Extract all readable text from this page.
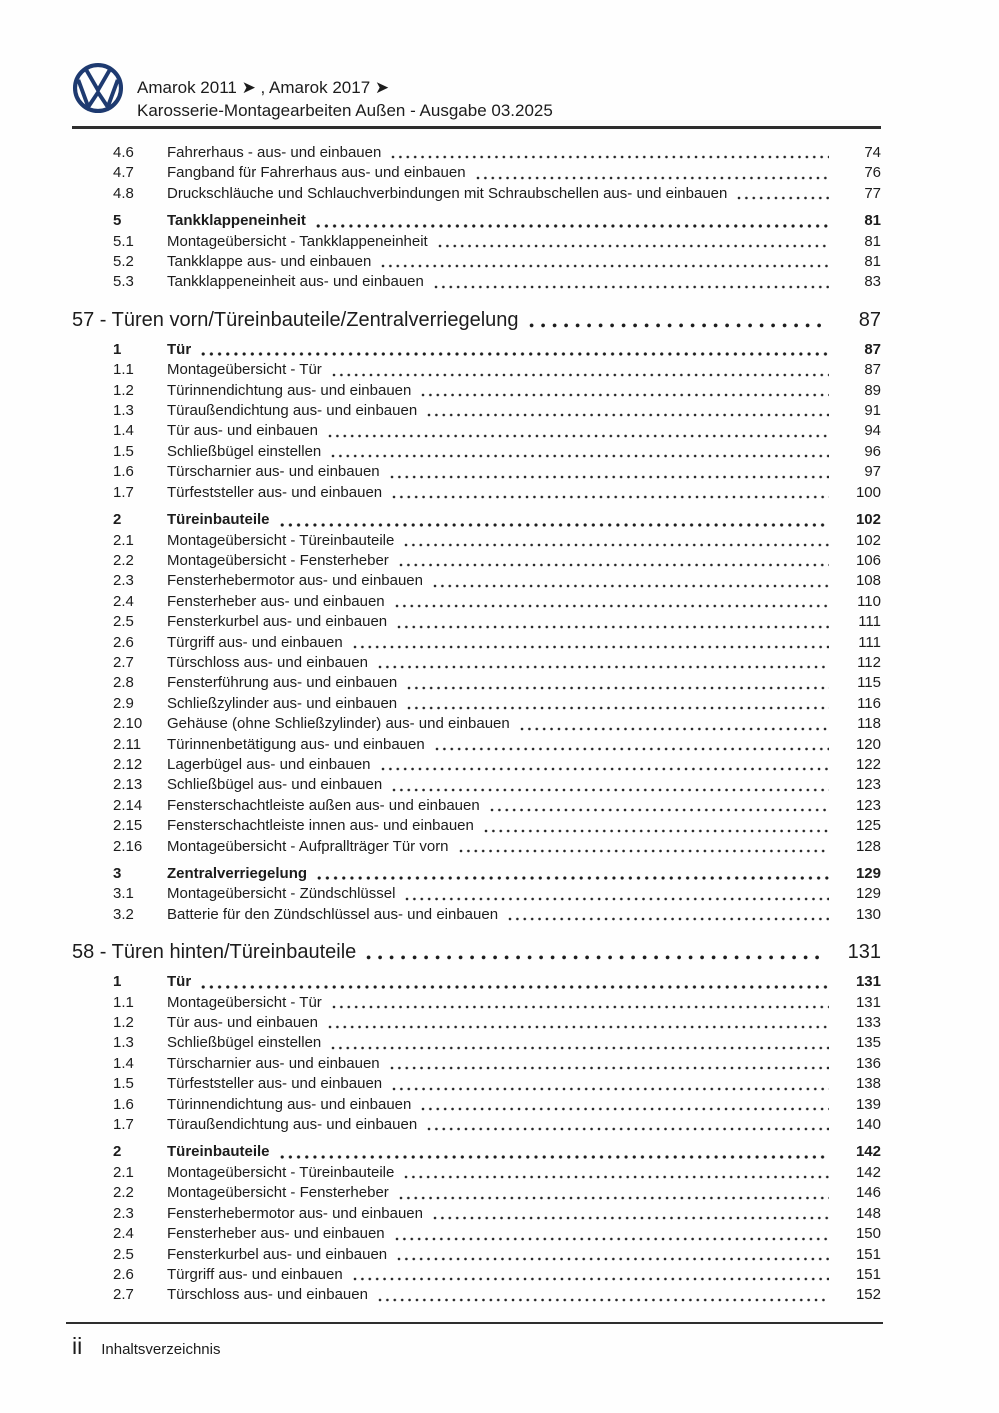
Amarok 2011 ➤ , Amarok 2017 ➤
Karosserie-Montagearbeiten Außen - Ausgabe 03.2025
4.6	Fahrerhaus - aus- und einbauen	74
4.7	Fangband für Fahrerhaus aus- und einbauen	76
4.8	Druckschläuche und Schlauchverbindungen mit Schraubschellen aus- und einbauen	77
5	Tankklappeneinheit	81
5.1	Montageübersicht - Tankklappeneinheit	81
5.2	Tankklappe aus- und einbauen	81
5.3	Tankklappeneinheit aus- und einbauen	83
57 - Türen vorn/Türeinbauteile/Zentralverriegelung	87
1	Tür	87
1.1	Montageübersicht - Tür	87
1.2	Türinnendichtung aus- und einbauen	89
1.3	Türaußendichtung aus- und einbauen	91
1.4	Tür aus- und einbauen	94
1.5	Schließbügel einstellen	96
1.6	Türscharnier aus- und einbauen	97
1.7	Türfeststeller aus- und einbauen	100
2	Türeinbauteile	102
2.1	Montageübersicht - Türeinbauteile	102
2.2	Montageübersicht - Fensterheber	106
2.3	Fensterhebermotor aus- und einbauen	108
2.4	Fensterheber aus- und einbauen	110
2.5	Fensterkurbel aus- und einbauen	111
2.6	Türgriff aus- und einbauen	111
2.7	Türschloss aus- und einbauen	112
2.8	Fensterführung aus- und einbauen	115
2.9	Schließzylinder aus- und einbauen	116
2.10	Gehäuse (ohne Schließzylinder) aus- und einbauen	118
2.11	Türinnenbetätigung aus- und einbauen	120
2.12	Lagerbügel aus- und einbauen	122
2.13	Schließbügel aus- und einbauen	123
2.14	Fensterschachtleiste außen aus- und einbauen	123
2.15	Fensterschachtleiste innen aus- und einbauen	125
2.16	Montageübersicht - Aufprallträger Tür vorn	128
3	Zentralverriegelung	129
3.1	Montageübersicht - Zündschlüssel	129
3.2	Batterie für den Zündschlüssel aus- und einbauen	130
58 - Türen hinten/Türeinbauteile	131
1	Tür	131
1.1	Montageübersicht - Tür	131
1.2	Tür aus- und einbauen	133
1.3	Schließbügel einstellen	135
1.4	Türscharnier aus- und einbauen	136
1.5	Türfeststeller aus- und einbauen	138
1.6	Türinnendichtung aus- und einbauen	139
1.7	Türaußendichtung aus- und einbauen	140
2	Türeinbauteile	142
2.1	Montageübersicht - Türeinbauteile	142
2.2	Montageübersicht - Fensterheber	146
2.3	Fensterhebermotor aus- und einbauen	148
2.4	Fensterheber aus- und einbauen	150
2.5	Fensterkurbel aus- und einbauen	151
2.6	Türgriff aus- und einbauen	151
2.7	Türschloss aus- und einbauen	152
ii Inhaltsverzeichnis
